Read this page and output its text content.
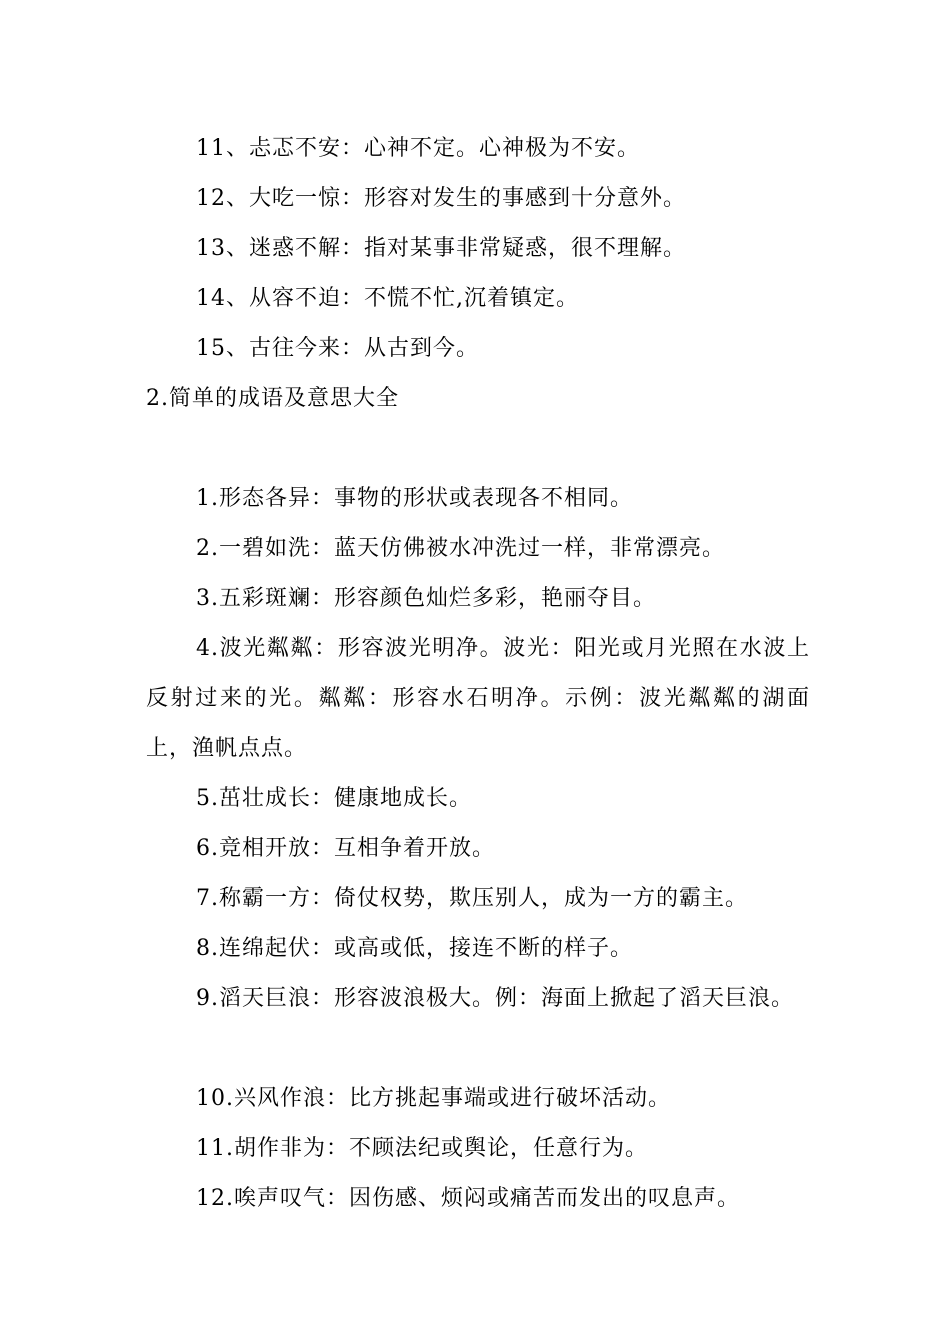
11、忐忑不安：心神不定。心神极为不安。

12、大吃一惊：形容对发生的事感到十分意外。

13、迷惑不解：指对某事非常疑惑，很不理解。

14、从容不迫：不慌不忙,沉着镇定。

15、古往今来：从古到今。

2.简单的成语及意思大全

1.形态各异：事物的形状或表现各不相同。

2.一碧如洗：蓝天仿佛被水冲洗过一样，非常漂亮。

3.五彩斑斓：形容颜色灿烂多彩，艳丽夺目。

4.波光粼粼：形容波光明净。波光：阳光或月光照在水波上反射过来的光。粼粼：形容水石明净。示例：波光粼粼的湖面上，渔帆点点。

5.茁壮成长：健康地成长。

6.竞相开放：互相争着开放。

7.称霸一方：倚仗权势，欺压别人，成为一方的霸主。

8.连绵起伏：或高或低，接连不断的样子。

9.滔天巨浪：形容波浪极大。例：海面上掀起了滔天巨浪。

10.兴风作浪：比方挑起事端或进行破坏活动。

11.胡作非为：不顾法纪或舆论，任意行为。

12.唉声叹气：因伤感、烦闷或痛苦而发出的叹息声。
